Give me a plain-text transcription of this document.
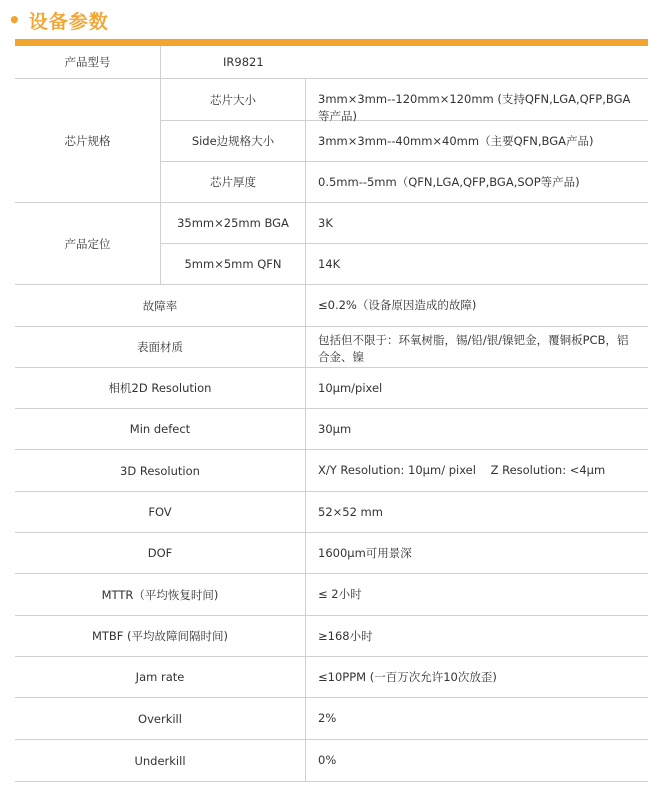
• 设备参数
产品型号	IR9821
芯片规格
芯片大小	3mm×3mm--120mm×120mm (支持QFN,LGA,QFP,BGA等产品)
Side边规格大小	3mm×3mm--40mm×40mm（主要QFN,BGA产品)
芯片厚度	0.5mm--5mm（QFN,LGA,QFP,BGA,SOP等产品)
产品定位
35mm×25mm BGA	3K
5mm×5mm QFN	14K
故障率	≤0.2%（设备原因造成的故障)
表面材质	包括但不限于：环氧树脂，锡/铅/银/镍钯金，覆铜板PCB，铝合金、镍
相机2D Resolution	10μm/pixel
Min defect	30μm
3D Resolution	X/Y Resolution: 10μm/ pixel    Z Resolution: <4μm
FOV	52×52 mm
DOF	1600μm可用景深
MTTR（平均恢复时间)	≤ 2小时
MTBF (平均故障间隔时间)	≥168小时
Jam rate	≤10PPM (一百万次允许10次放歪)
Overkill	2%
Underkill	0%
